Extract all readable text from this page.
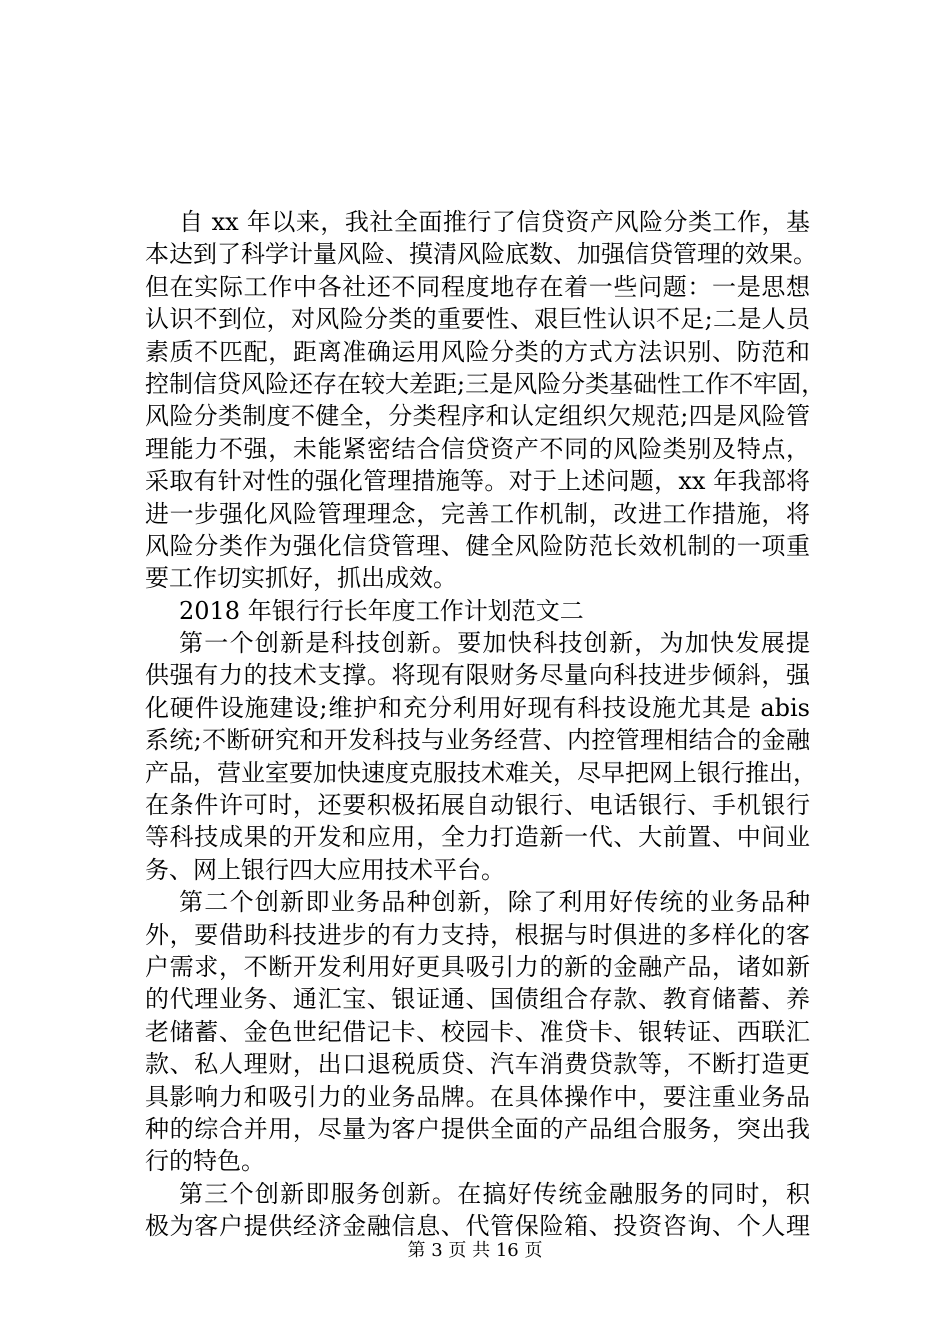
自 xx 年以来，我社全面推行了信贷资产风险分类工作，基
本达到了科学计量风险、摸清风险底数、加强信贷管理的效果。
但在实际工作中各社还不同程度地存在着一些问题：一是思想
认识不到位，对风险分类的重要性、艰巨性认识不足;二是人员
素质不匹配，距离准确运用风险分类的方式方法识别、防范和
控制信贷风险还存在较大差距;三是风险分类基础性工作不牢固，
风险分类制度不健全，分类程序和认定组织欠规范;四是风险管
理能力不强，未能紧密结合信贷资产不同的风险类别及特点，
采取有针对性的强化管理措施等。对于上述问题，xx 年我部将
进一步强化风险管理理念，完善工作机制，改进工作措施，将
风险分类作为强化信贷管理、健全风险防范长效机制的一项重
要工作切实抓好，抓出成效。
2018 年银行行长年度工作计划范文二
第一个创新是科技创新。要加快科技创新，为加快发展提
供强有力的技术支撑。将现有限财务尽量向科技进步倾斜，强
化硬件设施建设;维护和充分利用好现有科技设施尤其是 abis
系统;不断研究和开发科技与业务经营、内控管理相结合的金融
产品，营业室要加快速度克服技术难关，尽早把网上银行推出，
在条件许可时，还要积极拓展自动银行、电话银行、手机银行
等科技成果的开发和应用，全力打造新一代、大前置、中间业
务、网上银行四大应用技术平台。
第二个创新即业务品种创新，除了利用好传统的业务品种
外，要借助科技进步的有力支持，根据与时俱进的多样化的客
户需求，不断开发利用好更具吸引力的新的金融产品，诸如新
的代理业务、通汇宝、银证通、国债组合存款、教育储蓄、养
老储蓄、金色世纪借记卡、校园卡、准贷卡、银转证、西联汇
款、私人理财，出口退税质贷、汽车消费贷款等，不断打造更
具影响力和吸引力的业务品牌。在具体操作中，要注重业务品
种的综合并用，尽量为客户提供全面的产品组合服务，突出我
行的特色。
第三个创新即服务创新。在搞好传统金融服务的同时，积
极为客户提供经济金融信息、代管保险箱、投资咨询、个人理
第 3 页 共 16 页
